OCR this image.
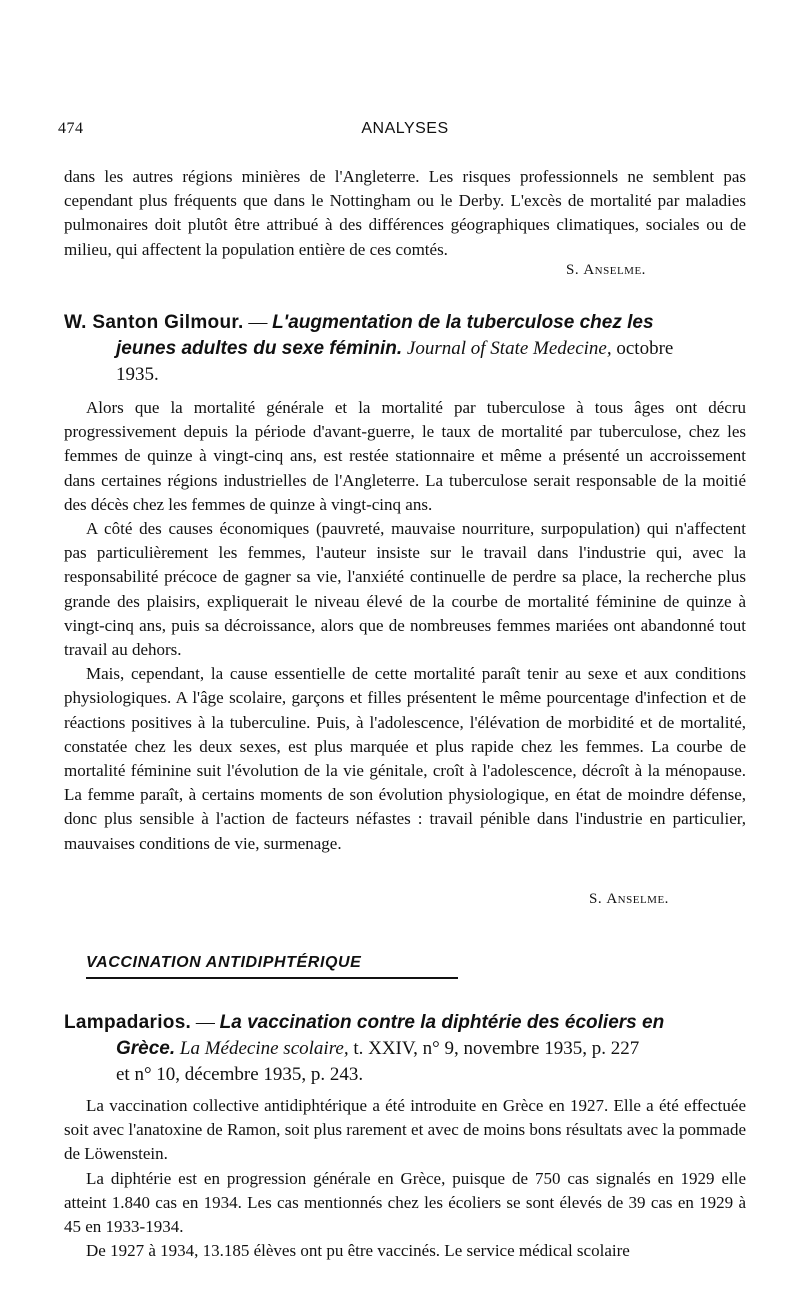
474	ANALYSES

dans les autres régions minières de l'Angleterre. Les risques professionnels ne semblent pas cependant plus fréquents que dans le Nottingham ou le Derby. L'excès de mortalité par maladies pulmonaires doit plutôt être attribué à des différences géographiques climatiques, sociales ou de milieu, qui affectent la population entière de ces comtés.

S. Anselme.
W. Santon Gilmour. — L'augmentation de la tuberculose chez les
jeunes adultes du sexe féminin. Journal of State Medecine, octobre
1935.

Alors que la mortalité générale et la mortalité par tuberculose à tous âges ont décru progressivement depuis la période d'avant-guerre, le taux de mortalité par tuberculose, chez les femmes de quinze à vingt-cinq ans, est restée stationnaire et même a présenté un accroissement dans certaines régions industrielles de l'Angleterre. La tuberculose serait responsable de la moitié des décès chez les femmes de quinze à vingt-cinq ans.

A côté des causes économiques (pauvreté, mauvaise nourriture, surpopulation) qui n'affectent pas particulièrement les femmes, l'auteur insiste sur le travail dans l'industrie qui, avec la responsabilité précoce de gagner sa vie, l'anxiété continuelle de perdre sa place, la recherche plus grande des plaisirs, expliquerait le niveau élevé de la courbe de mortalité féminine de quinze à vingt-cinq ans, puis sa décroissance, alors que de nombreuses femmes mariées ont abandonné tout travail au dehors.

Mais, cependant, la cause essentielle de cette mortalité paraît tenir au sexe et aux conditions physiologiques. A l'âge scolaire, garçons et filles présentent le même pourcentage d'infection et de réactions positives à la tuberculine. Puis, à l'adolescence, l'élévation de morbidité et de mortalité, constatée chez les deux sexes, est plus marquée et plus rapide chez les femmes. La courbe de mortalité féminine suit l'évolution de la vie génitale, croît à l'adolescence, décroît à la ménopause. La femme paraît, à certains moments de son évolution physiologique, en état de moindre défense, donc plus sensible à l'action de facteurs néfastes : travail pénible dans l'industrie en particulier, mauvaises conditions de vie, surmenage.

S. Anselme.
VACCINATION ANTIDIPHTÉRIQUE
Lampadarios. — La vaccination contre la diphtérie des écoliers en
Grèce. La Médecine scolaire, t. XXIV, n° 9, novembre 1935, p. 227
et n° 10, décembre 1935, p. 243.

La vaccination collective antidiphtérique a été introduite en Grèce en 1927. Elle a été effectuée soit avec l'anatoxine de Ramon, soit plus rarement et avec de moins bons résultats avec la pommade de Löwenstein.

La diphtérie est en progression générale en Grèce, puisque de 750 cas signalés en 1929 elle atteint 1.840 cas en 1934. Les cas mentionnés chez les écoliers se sont élevés de 39 cas en 1929 à 45 en 1933-1934.

De 1927 à 1934, 13.185 élèves ont pu être vaccinés. Le service médical scolaire
